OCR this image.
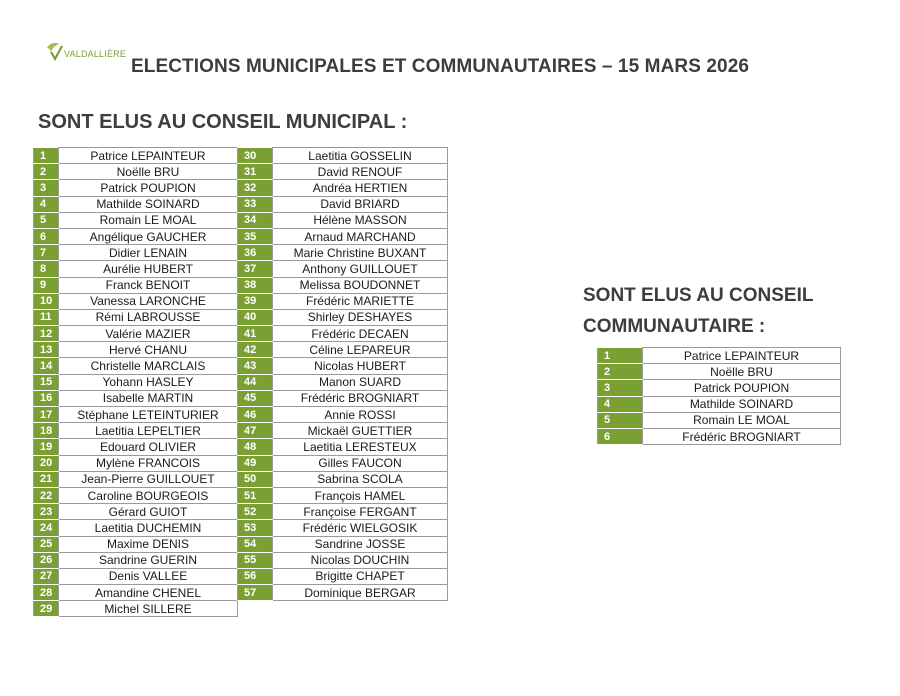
VALDALLIÈRE
ELECTIONS MUNICIPALES ET COMMUNAUTAIRES – 15 MARS 2026
SONT ELUS AU CONSEIL MUNICIPAL :
1	Patrice LEPAINTEUR
2	Noëlle BRU
3	Patrick POUPION
4	Mathilde SOINARD
5	Romain LE MOAL
6	Angélique GAUCHER
7	Didier LENAIN
8	Aurélie HUBERT
9	Franck BENOIT
10	Vanessa LARONCHE
11	Rémi LABROUSSE
12	Valérie MAZIER
13	Hervé CHANU
14	Christelle MARCLAIS
15	Yohann HASLEY
16	Isabelle MARTIN
17	Stéphane LETEINTURIER
18	Laetitia LEPELTIER
19	Edouard OLIVIER
20	Mylène FRANCOIS
21	Jean-Pierre GUILLOUET
22	Caroline BOURGEOIS
23	Gérard GUIOT
24	Laetitia DUCHEMIN
25	Maxime DENIS
26	Sandrine GUERIN
27	Denis VALLEE
28	Amandine CHENEL
29	Michel SILLERE
30	Laetitia GOSSELIN
31	David RENOUF
32	Andréa HERTIEN
33	David BRIARD
34	Hélène MASSON
35	Arnaud MARCHAND
36	Marie Christine BUXANT
37	Anthony GUILLOUET
38	Melissa BOUDONNET
39	Frédéric MARIETTE
40	Shirley DESHAYES
41	Frédéric DECAEN
42	Céline LEPAREUR
43	Nicolas HUBERT
44	Manon SUARD
45	Frédéric BROGNIART
46	Annie ROSSI
47	Mickaël GUETTIER
48	Laetitia LERESTEUX
49	Gilles FAUCON
50	Sabrina SCOLA
51	François HAMEL
52	Françoise FERGANT
53	Frédéric WIELGOSIK
54	Sandrine JOSSE
55	Nicolas DOUCHIN
56	Brigitte CHAPET
57	Dominique BERGAR
SONT ELUS AU CONSEIL
COMMUNAUTAIRE :
1	Patrice LEPAINTEUR
2	Noëlle BRU
3	Patrick POUPION
4	Mathilde SOINARD
5	Romain LE MOAL
6	Frédéric BROGNIART
